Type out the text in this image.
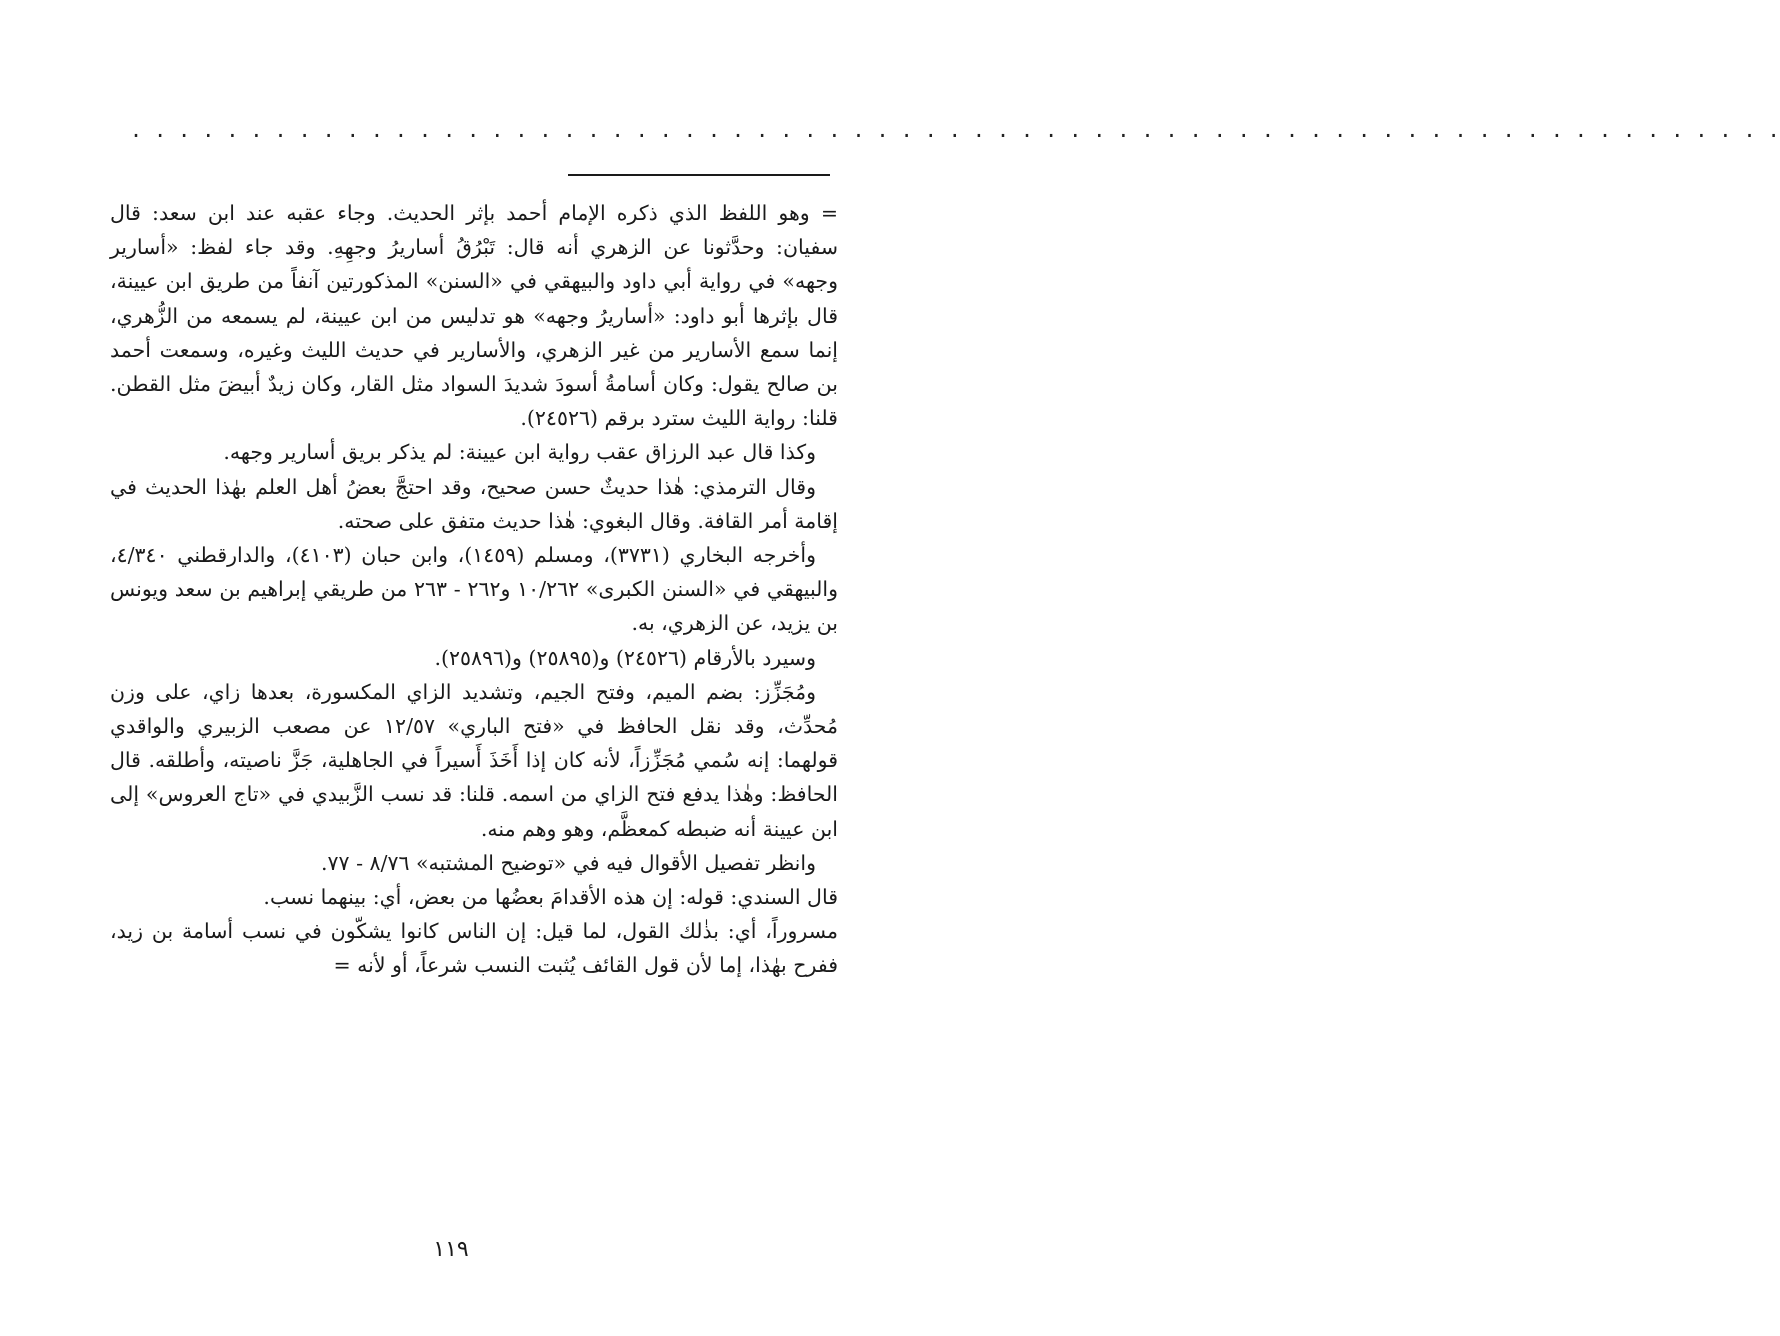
. . . . . . . . . . . . . . . . . . . . . . . . . . . . . . . . . . . . . . . . . . . . . . . . . . . . . . . . . . . . . . . . . . . . .

= وهو اللفظ الذي ذكره الإمام أحمد بإثر الحديث. وجاء عقبه عند ابن سعد: قال سفيان: وحدَّثونا عن الزهري أنه قال: تَبْرُقُ أساريرُ وجهِهِ. وقد جاء لفظ: «أسارير وجهه» في رواية أبي داود والبيهقي في «السنن» المذكورتين آنفاً من طريق ابن عيينة، قال بإثرها أبو داود: «أساريرُ وجهه» هو تدليس من ابن عيينة، لم يسمعه من الزُّهري، إنما سمع الأسارير من غير الزهري، والأسارير في حديث الليث وغيره، وسمعت أحمد بن صالح يقول: وكان أسامةُ أسودَ شديدَ السواد مثل القار، وكان زيدٌ أبيضَ مثل القطن. قلنا: رواية الليث سترد برقم (٢٤٥٢٦).

وكذا قال عبد الرزاق عقب رواية ابن عيينة: لم يذكر بريق أسارير وجهه.

وقال الترمذي: هٰذا حديثٌ حسن صحيح، وقد احتجَّ بعضُ أهل العلم بهٰذا الحديث في إقامة أمر القافة. وقال البغوي: هٰذا حديث متفق على صحته.

وأخرجه البخاري (٣٧٣١)، ومسلم (١٤٥٩)، وابن حبان (٤١٠٣)، والدارقطني ٤/٣٤٠، والبيهقي في «السنن الكبرى» ١٠/٢٦٢ و٢٦٢ - ٢٦٣ من طريقي إبراهيم بن سعد ويونس بن يزيد، عن الزهري، به.

وسيرد بالأرقام (٢٤٥٢٦) و(٢٥٨٩٥) و(٢٥٨٩٦).

ومُجَزِّز: بضم الميم، وفتح الجيم، وتشديد الزاي المكسورة، بعدها زاي، على وزن مُحدِّث، وقد نقل الحافظ في «فتح الباري» ١٢/٥٧ عن مصعب الزبيري والواقدي قولهما: إنه سُمي مُجَزِّزاً، لأنه كان إذا أَخَذَ أَسيراً في الجاهلية، جَزَّ ناصيته، وأطلقه. قال الحافظ: وهٰذا يدفع فتح الزاي من اسمه. قلنا: قد نسب الزَّبيدي في «تاج العروس» إلى ابن عيينة أنه ضبطه كمعظَّم، وهو وهم منه.

وانظر تفصيل الأقوال فيه في «توضيح المشتبه» ٨/٧٦ - ٧٧.

قال السندي: قوله: إن هذه الأقدامَ بعضُها من بعض، أي: بينهما نسب.

مسروراً، أي: بذٰلك القول، لما قيل: إن الناس كانوا يشكّون في نسب أسامة بن زيد، ففرح بهٰذا، إما لأن قول القائف يُثبت النسب شرعاً، أو لأنه =

١١٩
